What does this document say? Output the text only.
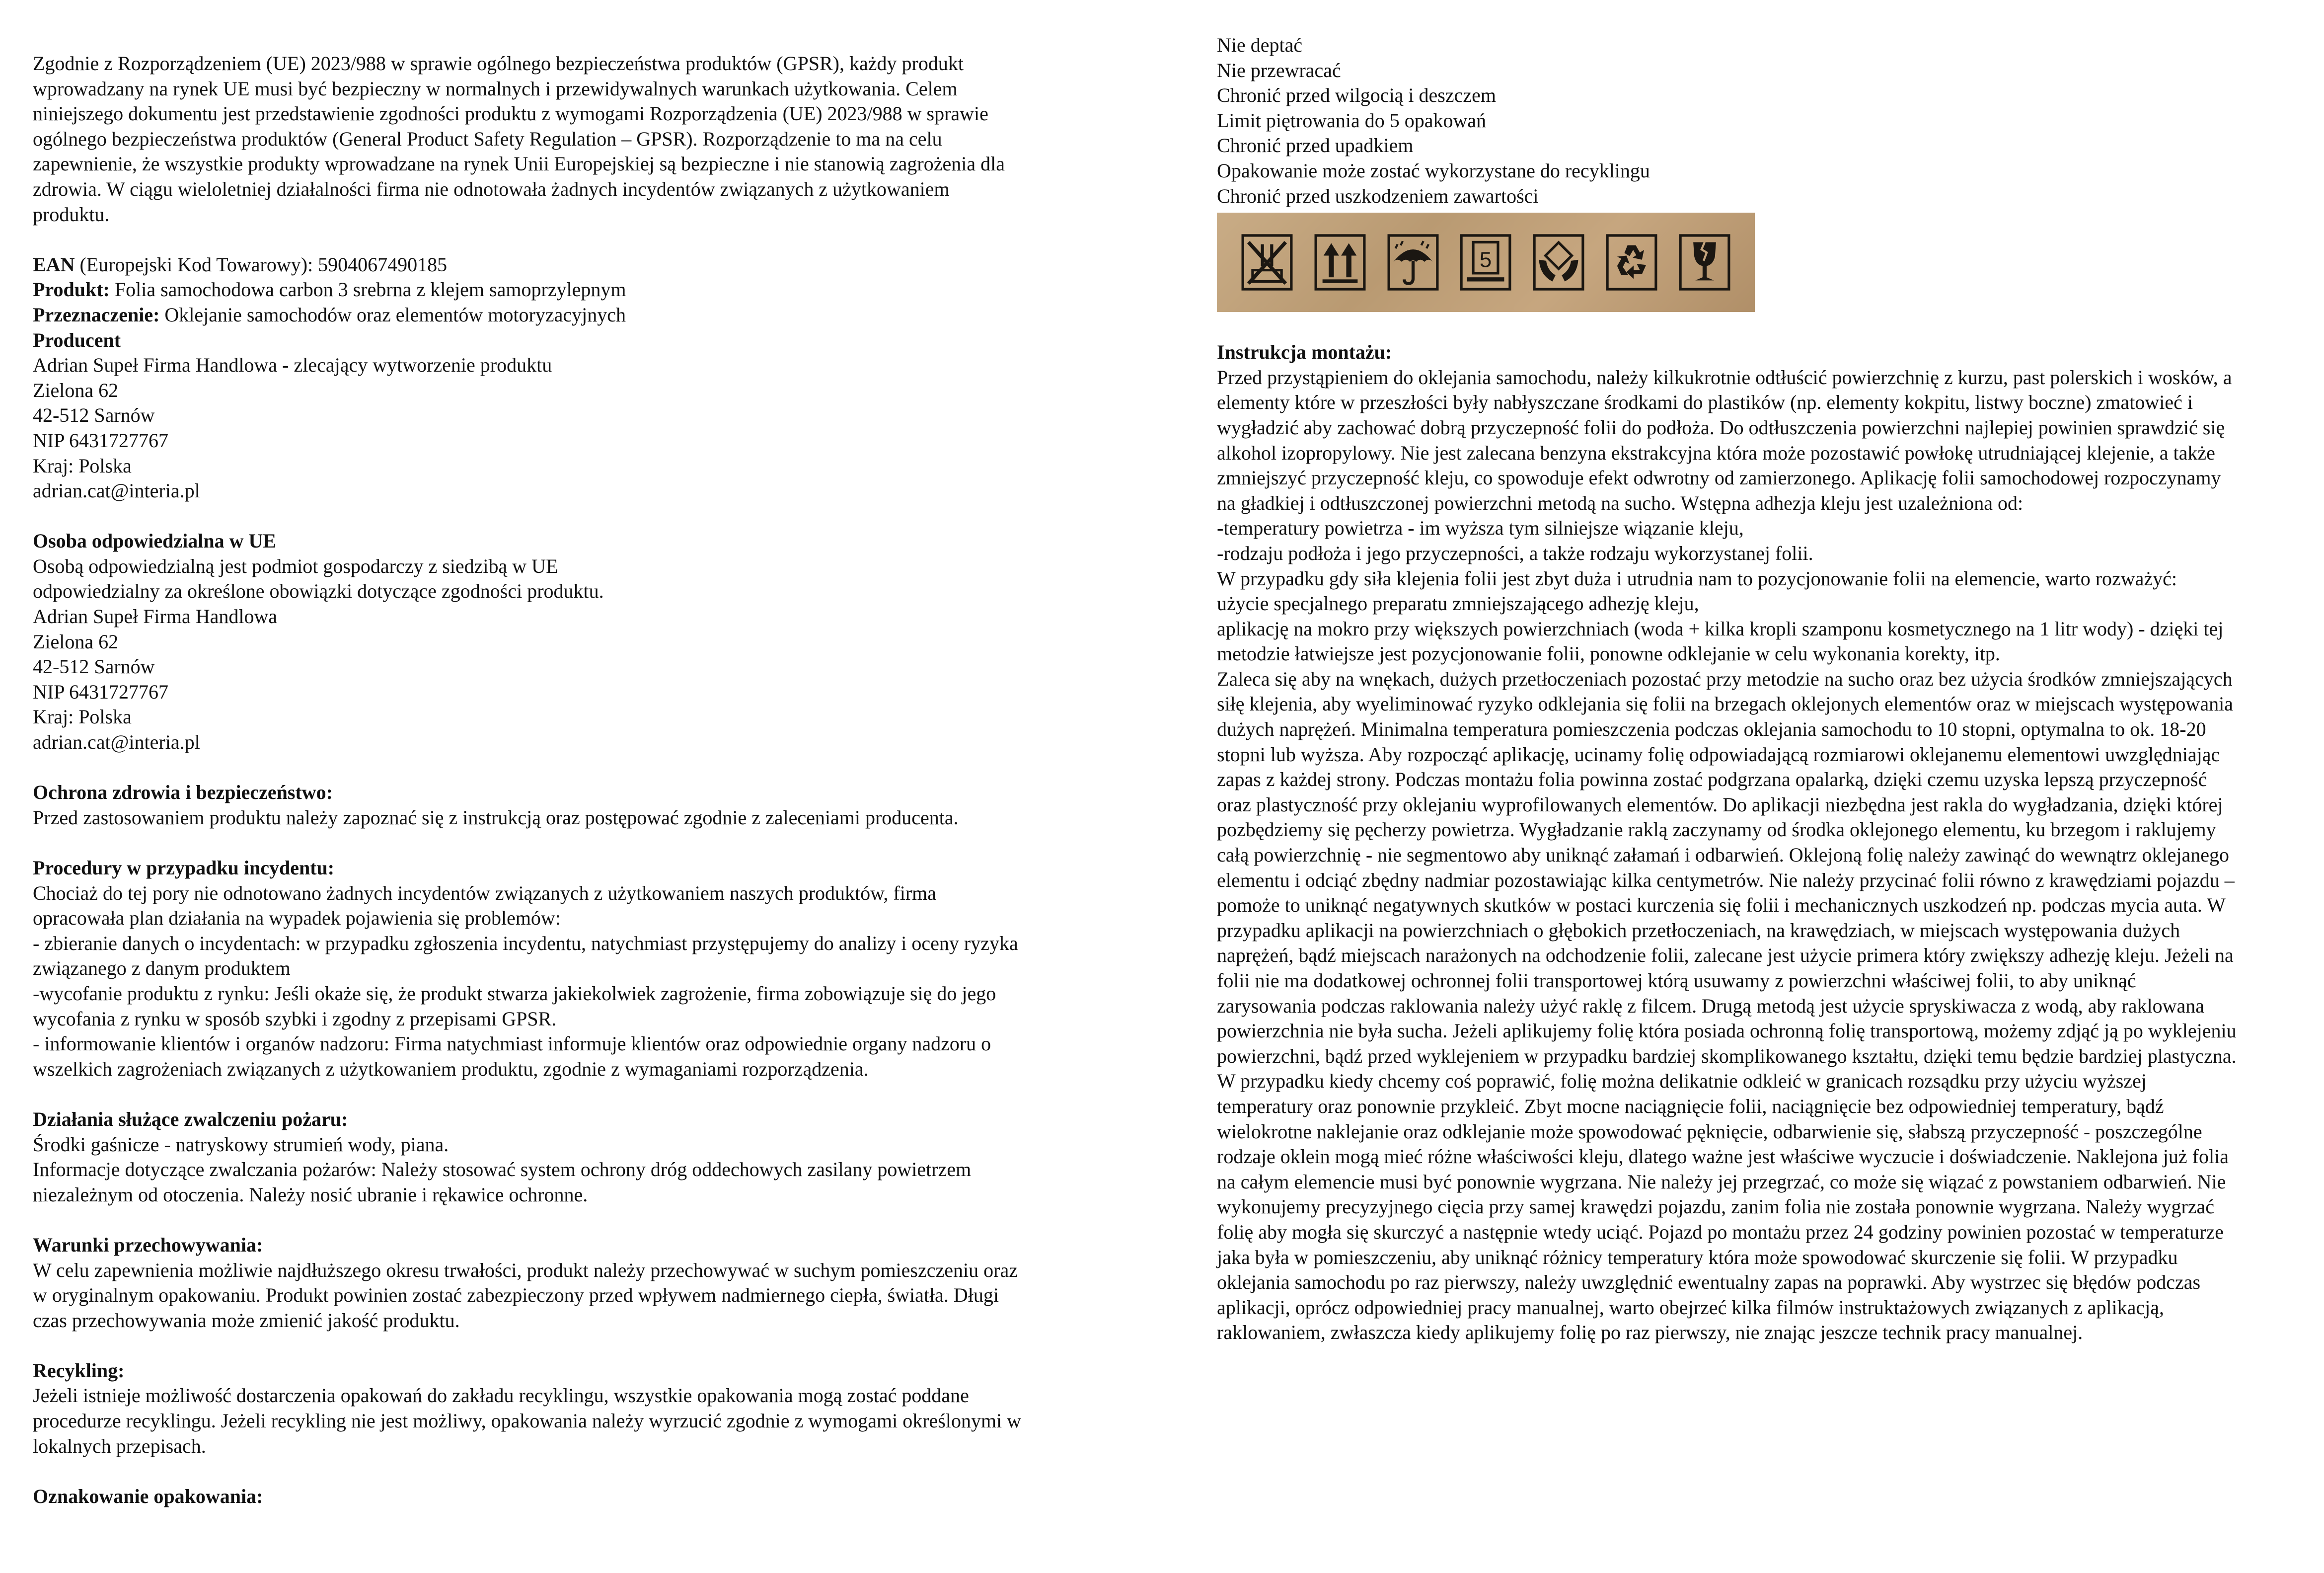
Zgodnie z Rozporządzeniem (UE) 2023/988 w sprawie ogólnego bezpieczeństwa produktów (GPSR), każdy produkt wprowadzany na rynek UE musi być bezpieczny w normalnych i przewidywalnych warunkach użytkowania. Celem niniejszego dokumentu jest przedstawienie zgodności produktu z wymogami Rozporządzenia (UE) 2023/988 w sprawie ogólnego bezpieczeństwa produktów (General Product Safety Regulation – GPSR). Rozporządzenie to ma na celu zapewnienie, że wszystkie produkty wprowadzane na rynek Unii Europejskiej są bezpieczne i nie stanowią zagrożenia dla zdrowia. W ciągu wieloletniej działalności firma nie odnotowała żadnych incydentów związanych z użytkowaniem produktu.

EAN (Europejski Kod Towarowy): 5904067490185

Produkt: Folia samochodowa carbon 3 srebrna z klejem samoprzylepnym

Przeznaczenie: Oklejanie samochodów oraz elementów motoryzacyjnych

Producent

Adrian Supeł Firma Handlowa - zlecający wytworzenie produktu

Zielona 62

42-512 Sarnów

NIP 6431727767

Kraj: Polska

adrian.cat@interia.pl

Osoba odpowiedzialna w UE

Osobą odpowiedzialną jest podmiot gospodarczy z siedzibą w UE

odpowiedzialny za określone obowiązki dotyczące zgodności produktu.

Adrian Supeł Firma Handlowa

Zielona 62

42-512 Sarnów

NIP 6431727767

Kraj: Polska

adrian.cat@interia.pl

Ochrona zdrowia i bezpieczeństwo:

Przed zastosowaniem produktu należy zapoznać się z instrukcją oraz postępować zgodnie z zaleceniami producenta.

Procedury w przypadku incydentu:

Chociaż do tej pory nie odnotowano żadnych incydentów związanych z użytkowaniem naszych produktów, firma opracowała plan działania na wypadek pojawienia się problemów:

- zbieranie danych o incydentach: w przypadku zgłoszenia incydentu, natychmiast przystępujemy do analizy i oceny ryzyka związanego z danym produktem

-wycofanie produktu z rynku: Jeśli okaże się, że produkt stwarza jakiekolwiek zagrożenie, firma zobowiązuje się do jego wycofania z rynku w sposób szybki i zgodny z przepisami GPSR.

- informowanie klientów i organów nadzoru: Firma natychmiast informuje klientów oraz odpowiednie organy nadzoru o wszelkich zagrożeniach związanych z użytkowaniem produktu, zgodnie z wymaganiami rozporządzenia.

Działania służące zwalczeniu pożaru:

Środki gaśnicze - natryskowy strumień wody, piana.

Informacje dotyczące zwalczania pożarów: Należy stosować system ochrony dróg oddechowych zasilany powietrzem niezależnym od otoczenia. Należy nosić ubranie i rękawice ochronne.

Warunki przechowywania:

W celu zapewnienia możliwie najdłuższego okresu trwałości, produkt należy przechowywać w suchym pomieszczeniu oraz w oryginalnym opakowaniu. Produkt powinien zostać zabezpieczony przed wpływem nadmiernego ciepła, światła. Długi czas przechowywania może zmienić jakość produktu.

Recykling:

Jeżeli istnieje możliwość dostarczenia opakowań do zakładu recyklingu, wszystkie opakowania mogą zostać poddane procedurze recyklingu. Jeżeli recykling nie jest możliwy, opakowania należy wyrzucić zgodnie z wymogami określonymi w lokalnych przepisach.

Oznakowanie opakowania:

Nie deptać

Nie przewracać

Chronić przed wilgocią i deszczem

Limit piętrowania do 5 opakowań

Chronić przed upadkiem

Opakowanie może zostać wykorzystane do recyklingu

Chronić przed uszkodzeniem zawartości

5

Instrukcja montażu:

Przed przystąpieniem do oklejania samochodu, należy kilkukrotnie odtłuścić powierzchnię z kurzu, past polerskich i wosków, a elementy które w przeszłości były nabłyszczane środkami do plastików (np. elementy kokpitu, listwy boczne) zmatowieć i wygładzić aby zachować dobrą przyczepność folii do podłoża. Do odtłuszczenia powierzchni najlepiej powinien sprawdzić się alkohol izopropylowy. Nie jest zalecana benzyna ekstrakcyjna która może pozostawić powłokę utrudniającej klejenie, a także zmniejszyć przyczepność kleju, co spowoduje efekt odwrotny od zamierzonego. Aplikację folii samochodowej rozpoczynamy na gładkiej i odtłuszczonej powierzchni metodą na sucho. Wstępna adhezja kleju jest uzależniona od:

-temperatury powietrza - im wyższa tym silniejsze wiązanie kleju,

-rodzaju podłoża i jego przyczepności, a także rodzaju wykorzystanej folii.

W przypadku gdy siła klejenia folii jest zbyt duża i utrudnia nam to pozycjonowanie folii na elemencie, warto rozważyć:

użycie specjalnego preparatu zmniejszającego adhezję kleju,

aplikację na mokro przy większych powierzchniach (woda + kilka kropli szamponu kosmetycznego na 1 litr wody) - dzięki tej metodzie łatwiejsze jest pozycjonowanie folii, ponowne odklejanie w celu wykonania korekty, itp.

Zaleca się aby na wnękach, dużych przetłoczeniach pozostać przy metodzie na sucho oraz bez użycia środków zmniejszających siłę klejenia, aby wyeliminować ryzyko odklejania się folii na brzegach oklejonych elementów oraz w miejscach występowania dużych naprężeń. Minimalna temperatura pomieszczenia podczas oklejania samochodu to 10 stopni, optymalna to ok. 18-20 stopni lub wyższa. Aby rozpocząć aplikację, ucinamy folię odpowiadającą rozmiarowi oklejanemu elementowi uwzględniając zapas z każdej strony. Podczas montażu folia powinna zostać podgrzana opalarką, dzięki czemu uzyska lepszą przyczepność oraz plastyczność przy oklejaniu wyprofilowanych elementów. Do aplikacji niezbędna jest rakla do wygładzania, dzięki której pozbędziemy się pęcherzy powietrza. Wygładzanie raklą zaczynamy od środka oklejonego elementu, ku brzegom i raklujemy całą powierzchnię - nie segmentowo aby uniknąć załamań i odbarwień. Oklejoną folię należy zawinąć do wewnątrz oklejanego elementu i odciąć zbędny nadmiar pozostawiając kilka centymetrów. Nie należy przycinać folii równo z krawędziami pojazdu – pomoże to uniknąć negatywnych skutków w postaci kurczenia się folii i mechanicznych uszkodzeń np. podczas mycia auta. W przypadku aplikacji na powierzchniach o głębokich przetłoczeniach, na krawędziach, w miejscach występowania dużych naprężeń, bądź miejscach narażonych na odchodzenie folii, zalecane jest użycie primera który zwiększy adhezję kleju. Jeżeli na folii nie ma dodatkowej ochronnej folii transportowej którą usuwamy z powierzchni właściwej folii, to aby uniknąć zarysowania podczas raklowania należy użyć raklę z filcem. Drugą metodą jest użycie spryskiwacza z wodą, aby raklowana powierzchnia nie była sucha. Jeżeli aplikujemy folię która posiada ochronną folię transportową, możemy zdjąć ją po wyklejeniu powierzchni, bądź przed wyklejeniem w przypadku bardziej skomplikowanego kształtu, dzięki temu będzie bardziej plastyczna. W przypadku kiedy chcemy coś poprawić, folię można delikatnie odkleić w granicach rozsądku przy użyciu wyższej temperatury oraz ponownie przykleić. Zbyt mocne naciągnięcie folii, naciągnięcie bez odpowiedniej temperatury, bądź wielokrotne naklejanie oraz odklejanie może spowodować pęknięcie, odbarwienie się, słabszą przyczepność - poszczególne rodzaje oklein mogą mieć różne właściwości kleju, dlatego ważne jest właściwe wyczucie i doświadczenie. Naklejona już folia na całym elemencie musi być ponownie wygrzana. Nie należy jej przegrzać, co może się wiązać z powstaniem odbarwień. Nie wykonujemy precyzyjnego cięcia przy samej krawędzi pojazdu, zanim folia nie została ponownie wygrzana. Należy wygrzać folię aby mogła się skurczyć a następnie wtedy uciąć. Pojazd po montażu przez 24 godziny powinien pozostać w temperaturze jaka była w pomieszczeniu, aby uniknąć różnicy temperatury która może spowodować skurczenie się folii. W przypadku oklejania samochodu po raz pierwszy, należy uwzględnić ewentualny zapas na poprawki. Aby wystrzec się błędów podczas aplikacji, oprócz odpowiedniej pracy manualnej, warto obejrzeć kilka filmów instruktażowych związanych z aplikacją, raklowaniem, zwłaszcza kiedy aplikujemy folię po raz pierwszy, nie znając jeszcze technik pracy manualnej.
